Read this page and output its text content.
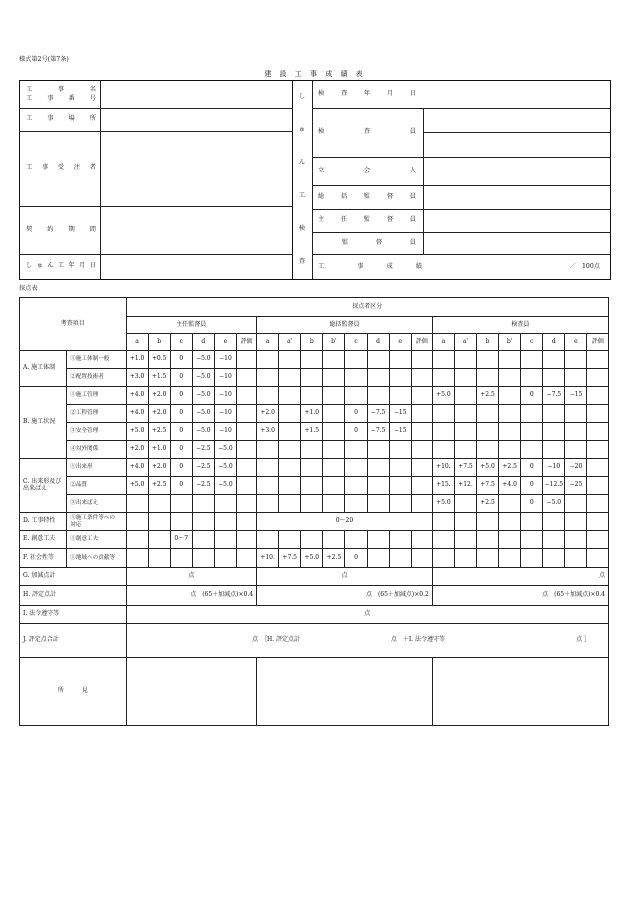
様式第2号(第7条)
建 設 工 事 成 績 表
工　　事　　名
工　事　番　号
工　事　場　所
工　事　受　注　者
契　約　期　間
し ゅ ん 工 年 月 日
し
ゅ
ん
工
検
査
検　　査　　年　　月　　日
検　　　査　　　員
立　　　会　　　人
総　括　監　督　員
主　任　監　督　員
監　　督　　員
工　　　事　　成　　績	／　100点
採点表
考査項目		採点者区分																					
		主任監督員						総括監督員								検査員							
		a	b	c	d	e	評価	a	a'	b	b'	c	d	e	評価	a	a'	b	b'	c	d	e	評価
A. 施工体制	①施工体制一般	+1.0	+0.5	0	−5.0	−10																	
	②配置技術者	+3.0	+1.5	0	−5.0	−10																	
B. 施工状況	①施工管理	+4.0	+2.0	0	−5.0	−10										+5.0		+2.5		0	−7.5	−15	
	②工程管理	+4.0	+2.0	0	−5.0	−10		+2.0		+1.0		0	−7.5	−15									
	③安全管理	+5.0	+2.5	0	−5.0	−10		+3.0		+1.5		0	−7.5	−15									
	④対外関係	+2.0	+1.0	0	−2.5	−5.0																	
C. 出来形及び
出来ばえ	①出来形	+4.0	+2.0	0	−2.5	−5.0										+10.	+7.5	+5.0	+2.5	0	−10	−20	
	②品質	+5.0	+2.5	0	−2.5	−5.0										+15.	+12.	+7.5	+4.0	0	−12.5	−25	
	③出来ばえ															+5.0		+2.5		0	−5.0		
D. 工事特性	①施工条件等への
対応							0～20															
E. 創意工夫	①創意工夫			0～7																			
F. 社会性等	①地域への貢献等							+10.	+7.5	+5.0	+2.5	0											
G. 加減点計		点						点								点							
H. 評定点計		点　(65＋加減点)×0.4						点　(65＋加減点)×0.2								点　(65＋加減点)×0.4							
I. 法令遵守等		点																					
J. 評定点合計		点　［H. 評定点計 点　＋I. 法令遵守等 点 ］																					

所　　　見																							
